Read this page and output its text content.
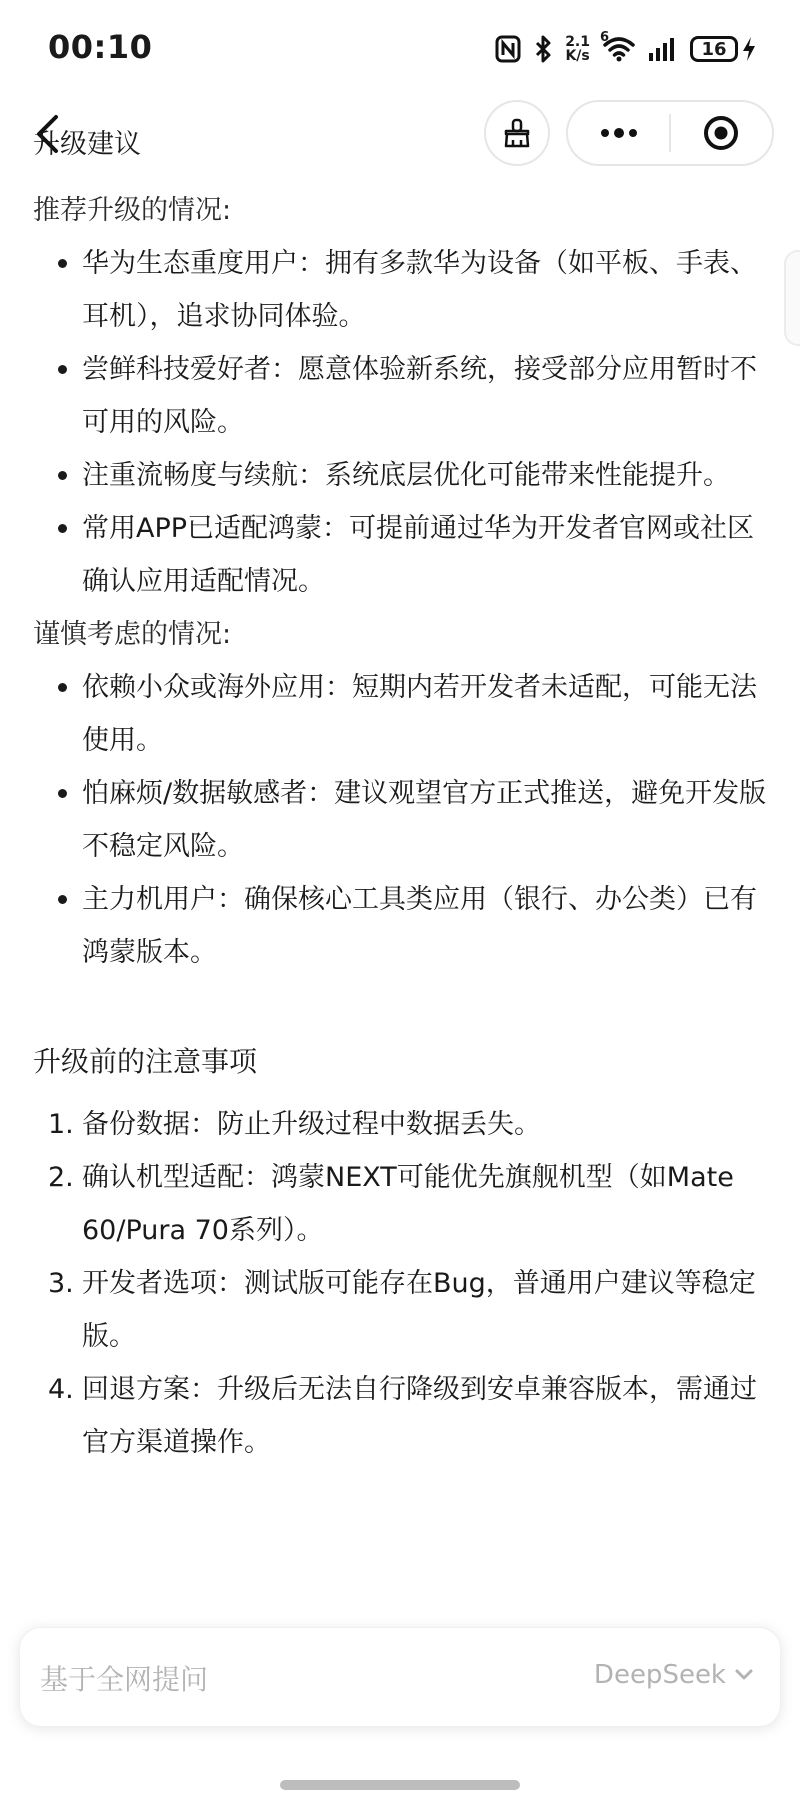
00:10	2.1
K/s
6
16
升级建议
推荐升级的情况:
华为生态重度用户：拥有多款华为设备（如平板、手表、耳机），追求协同体验。
尝鲜科技爱好者：愿意体验新系统，接受部分应用暂时不可用的风险。
注重流畅度与续航：系统底层优化可能带来性能提升。
常用APP已适配鸿蒙：可提前通过华为开发者官网或社区确认应用适配情况。
谨慎考虑的情况:
依赖小众或海外应用：短期内若开发者未适配，可能无法使用。
怕麻烦/数据敏感者：建议观望官方正式推送，避免开发版不稳定风险。
主力机用户：确保核心工具类应用（银行、办公类）已有鸿蒙版本。
升级前的注意事项
1. 备份数据：防止升级过程中数据丢失。
2. 确认机型适配：鸿蒙NEXT可能优先旗舰机型（如Mate 60/Pura 70系列）。
3. 开发者选项：测试版可能存在Bug，普通用户建议等稳定版。
4. 回退方案：升级后无法自行降级到安卓兼容版本，需通过官方渠道操作。
基于全网提问	DeepSeek
